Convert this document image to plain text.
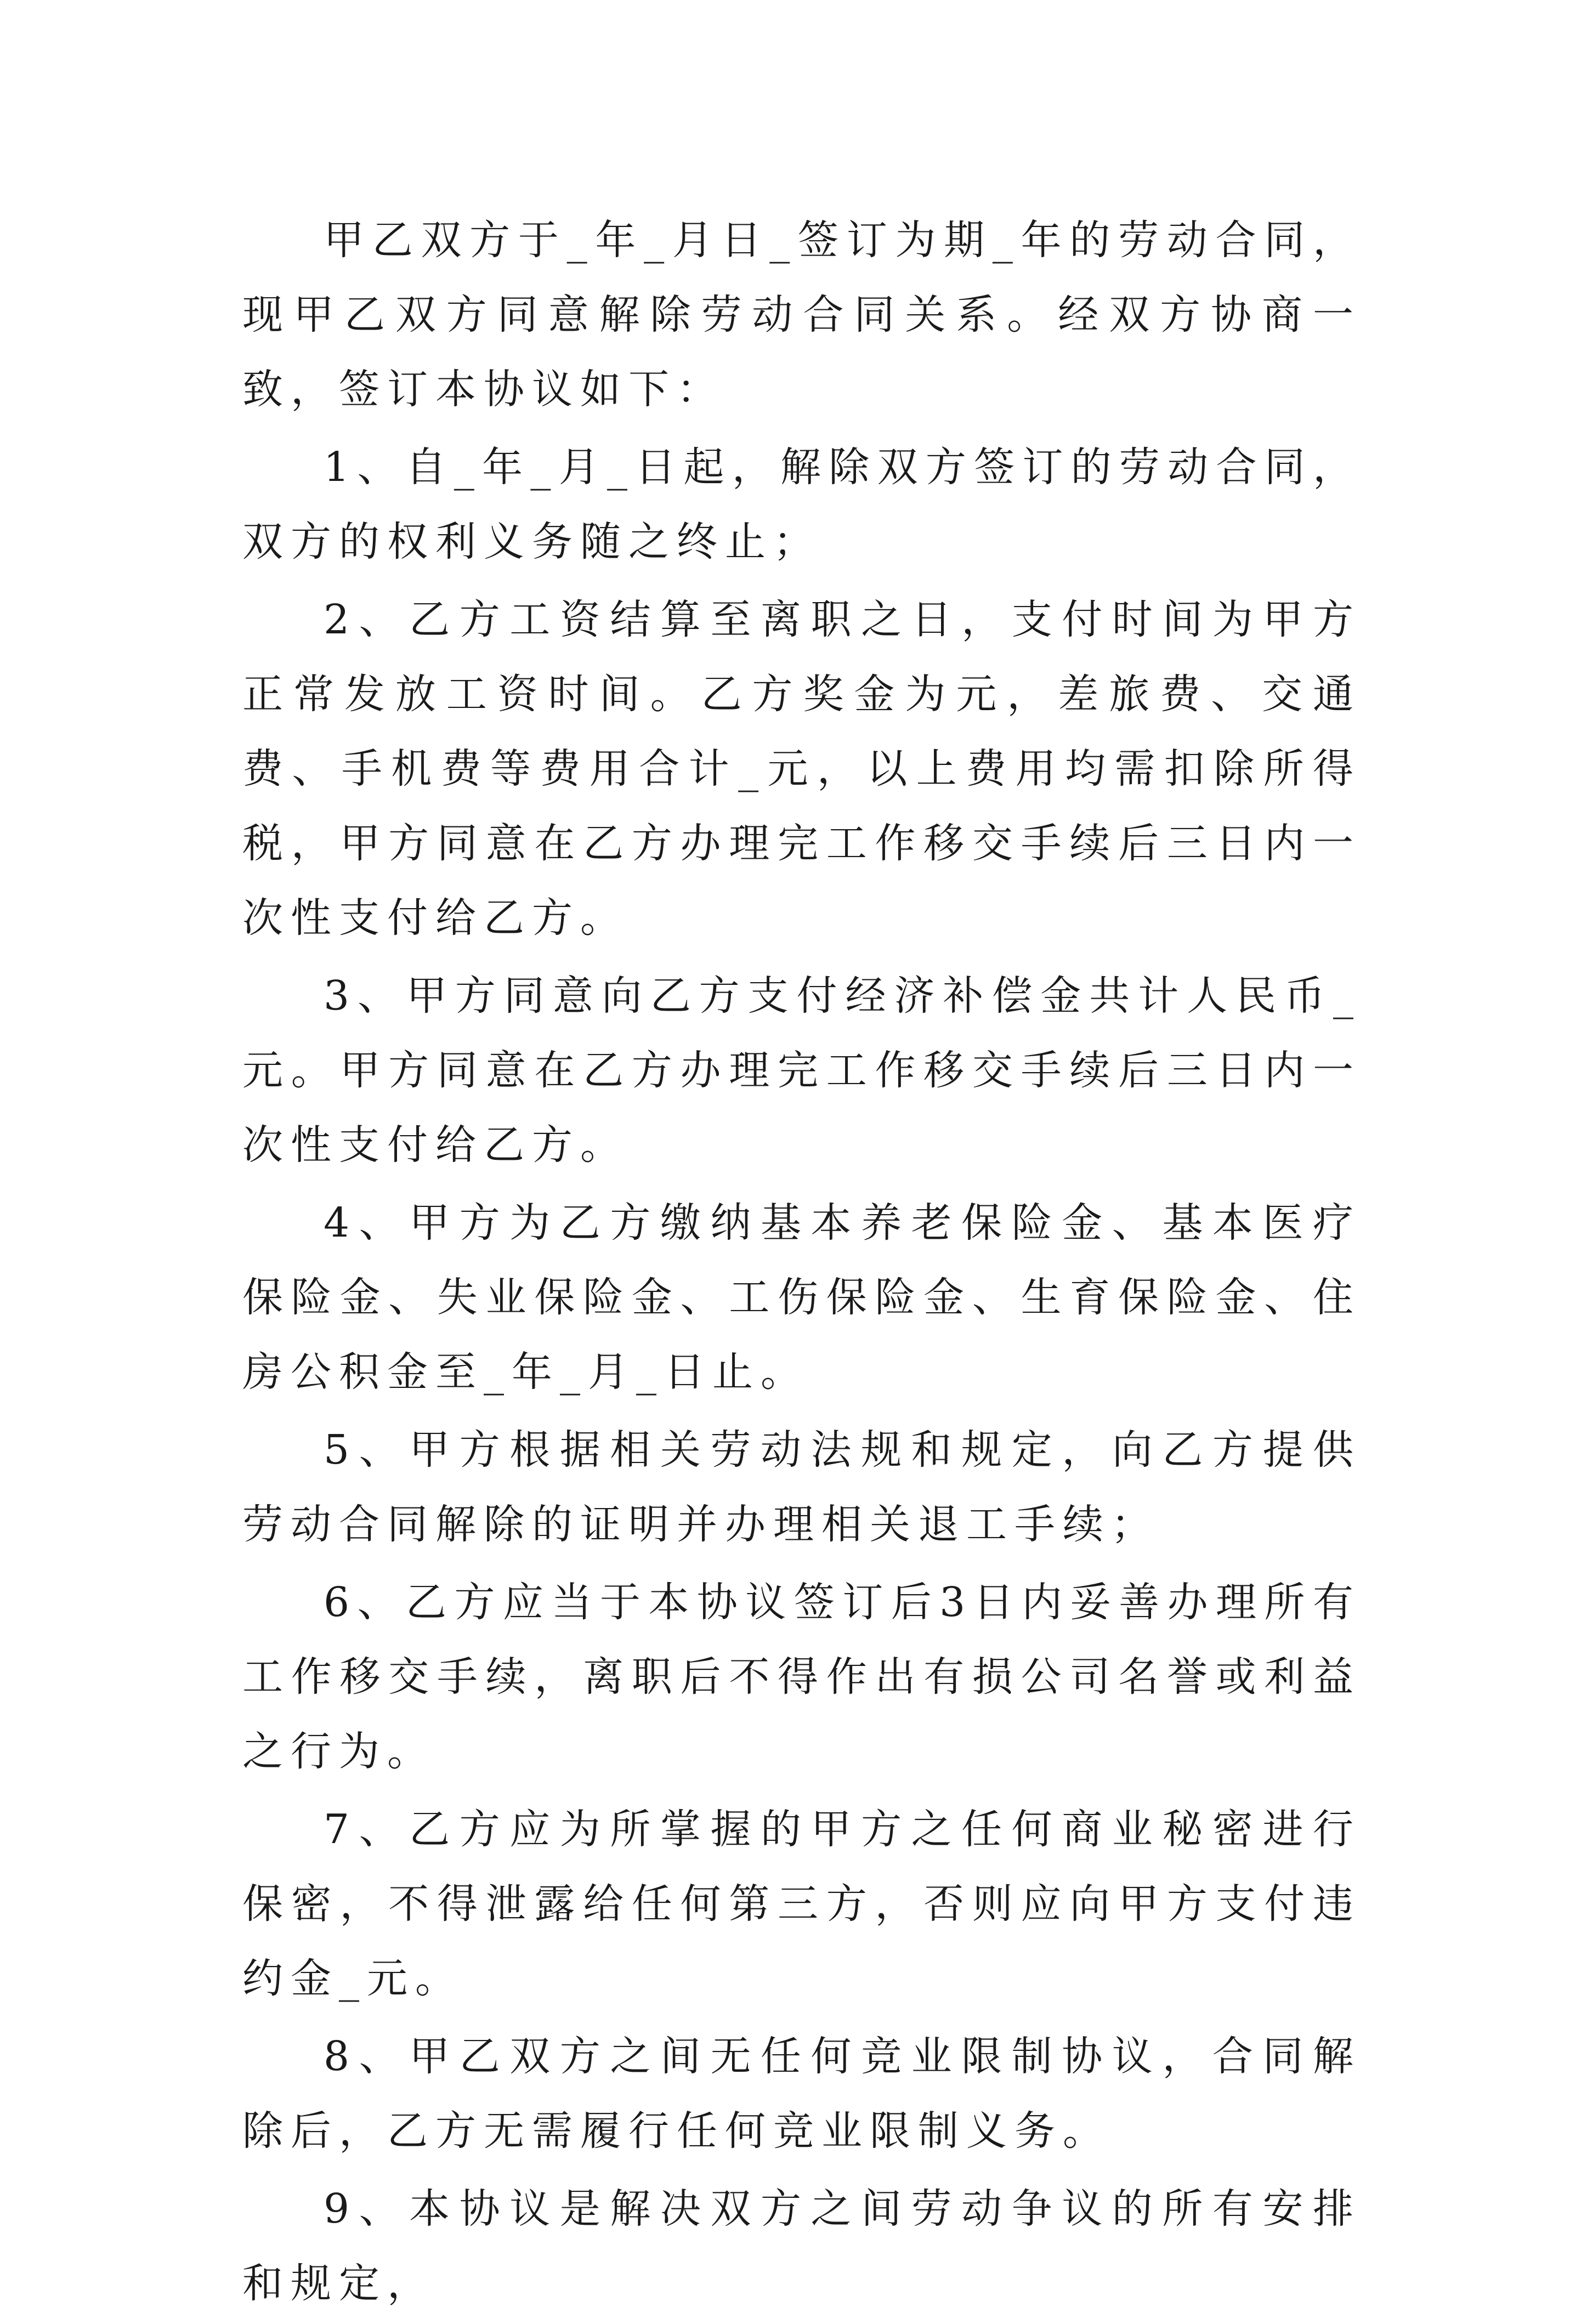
甲乙双方于_年_月日_签订为期_年的劳动合同，现甲乙双方同意解除劳动合同关系。经双方协商一致，签订本协议如下：

1、自_年_月_日起，解除双方签订的劳动合同，双方的权利义务随之终止；

2、乙方工资结算至离职之日，支付时间为甲方正常发放工资时间。乙方奖金为元，差旅费、交通费、手机费等费用合计_元，以上费用均需扣除所得税，甲方同意在乙方办理完工作移交手续后三日内一次性支付给乙方。

3、甲方同意向乙方支付经济补偿金共计人民币_元。甲方同意在乙方办理完工作移交手续后三日内一次性支付给乙方。

4、甲方为乙方缴纳基本养老保险金、基本医疗保险金、失业保险金、工伤保险金、生育保险金、住房公积金至_年_月_日止。

5、甲方根据相关劳动法规和规定，向乙方提供劳动合同解除的证明并办理相关退工手续；

6、乙方应当于本协议签订后3日内妥善办理所有工作移交手续，离职后不得作出有损公司名誉或利益之行为。

7、乙方应为所掌握的甲方之任何商业秘密进行保密，不得泄露给任何第三方，否则应向甲方支付违约金_元。

8、甲乙双方之间无任何竞业限制协议，合同解除后，乙方无需履行任何竞业限制义务。

9、本协议是解决双方之间劳动争议的所有安排和规定，
